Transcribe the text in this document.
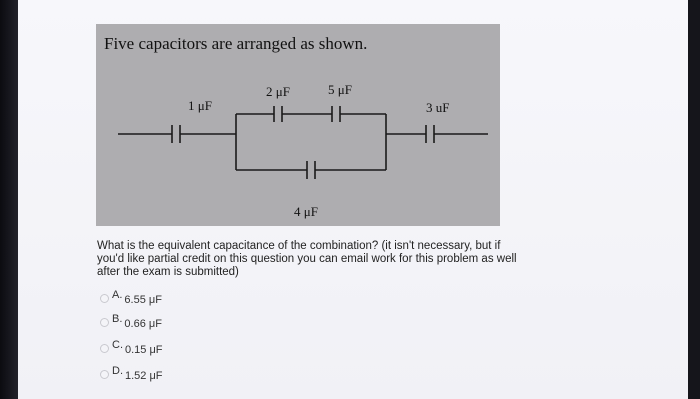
Five capacitors are arranged as shown.
1 μF
2 μF	5 μF
4 μF
3 uF
What is the equivalent capacitance of the combination? (it isn't necessary, but if you'd like partial credit on this question you can email work for this problem as well after the exam is submitted)
A. 6.55 μF
B. 0.66 μF
C. 0.15 μF
D. 1.52 μF
